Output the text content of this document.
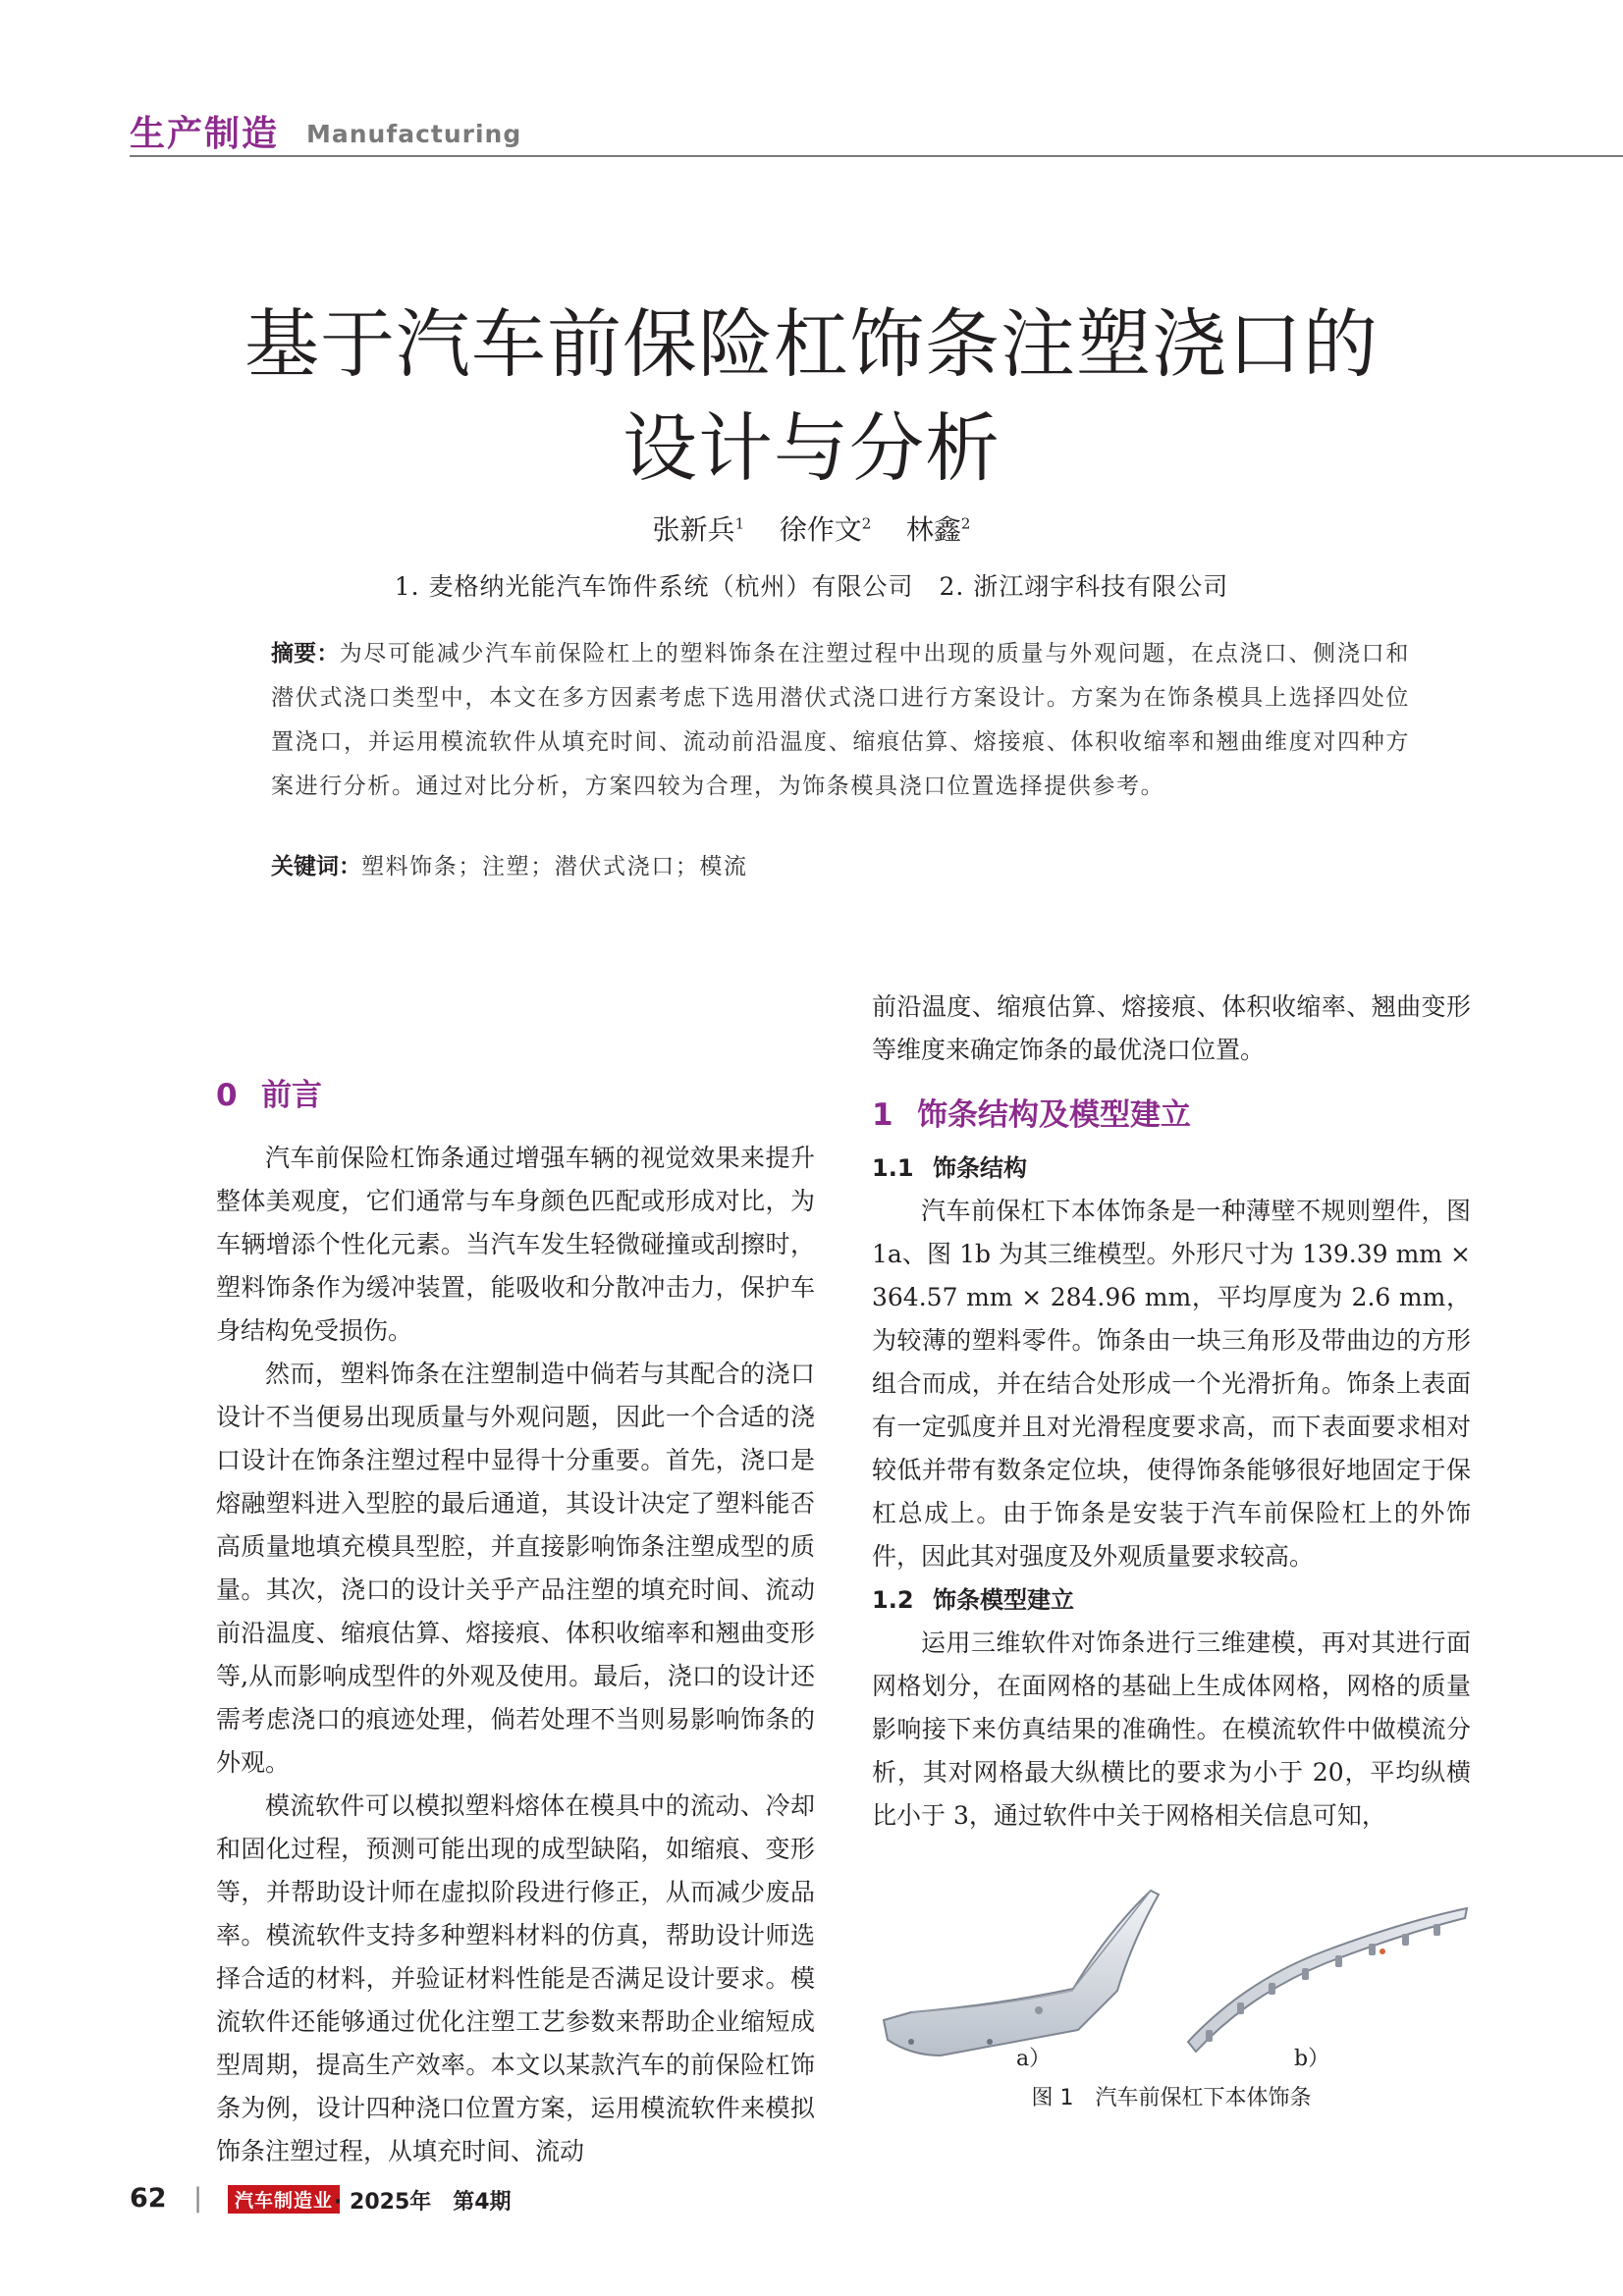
生产制造 Manufacturing
基于汽车前保险杠饰条注塑浇口的
设计与分析
张新兵$^1$ 徐作文$^2$ 林鑫$^2$
1. 麦格纳光能汽车饰件系统（杭州）有限公司　2. 浙江翊宇科技有限公司
摘要：为尽可能减少汽车前保险杠上的塑料饰条在注塑过程中出现的质量与外观问题，在点浇口、侧浇口和潜伏式浇口类型中，本文在多方因素考虑下选用潜伏式浇口进行方案设计。方案为在饰条模具上选择四处位置浇口，并运用模流软件从填充时间、流动前沿温度、缩痕估算、熔接痕、体积收缩率和翘曲维度对四种方案进行分析。通过对比分析，方案四较为合理，为饰条模具浇口位置选择提供参考。
关键词：塑料饰条；注塑；潜伏式浇口；模流
0 前言

汽车前保险杠饰条通过增强车辆的视觉效果来提升整体美观度，它们通常与车身颜色匹配或形成对比，为车辆增添个性化元素。当汽车发生轻微碰撞或刮擦时，塑料饰条作为缓冲装置，能吸收和分散冲击力，保护车身结构免受损伤。

然而，塑料饰条在注塑制造中倘若与其配合的浇口设计不当便易出现质量与外观问题，因此一个合适的浇口设计在饰条注塑过程中显得十分重要。首先，浇口是熔融塑料进入型腔的最后通道，其设计决定了塑料能否高质量地填充模具型腔，并直接影响饰条注塑成型的质量。其次，浇口的设计关乎产品注塑的填充时间、流动前沿温度、缩痕估算、熔接痕、体积收缩率和翘曲变形等,从而影响成型件的外观及使用。最后，浇口的设计还需考虑浇口的痕迹处理，倘若处理不当则易影响饰条的外观。

模流软件可以模拟塑料熔体在模具中的流动、冷却和固化过程，预测可能出现的成型缺陷，如缩痕、变形等，并帮助设计师在虚拟阶段进行修正，从而减少废品率。模流软件支持多种塑料材料的仿真，帮助设计师选择合适的材料，并验证材料性能是否满足设计要求。模流软件还能够通过优化注塑工艺参数来帮助企业缩短成型周期，提高生产效率。本文以某款汽车的前保险杠饰条为例，设计四种浇口位置方案，运用模流软件来模拟饰条注塑过程，从填充时间、流动

前沿温度、缩痕估算、熔接痕、体积收缩率、翘曲变形等维度来确定饰条的最优浇口位置。

1 饰条结构及模型建立
1.1 饰条结构

汽车前保杠下本体饰条是一种薄壁不规则塑件，图 1a、图 1b 为其三维模型。外形尺寸为 139.39 mm × 364.57 mm × 284.96 mm，平均厚度为 2.6 mm，为较薄的塑料零件。饰条由一块三角形及带曲边的方形组合而成，并在结合处形成一个光滑折角。饰条上表面有一定弧度并且对光滑程度要求高，而下表面要求相对较低并带有数条定位块，使得饰条能够很好地固定于保杠总成上。由于饰条是安装于汽车前保险杠上的外饰件，因此其对强度及外观质量要求较高。

1.2 饰条模型建立

运用三维软件对饰条进行三维建模，再对其进行面网格划分，在面网格的基础上生成体网格，网格的质量影响接下来仿真结果的准确性。在模流软件中做模流分析，其对网格最大纵横比的要求为小于 20，平均纵横比小于 3，通过软件中关于网格相关信息可知，

a）	b）
图 1　汽车前保杠下本体饰条
62 |	汽车制造业 · 2025年　第4期
